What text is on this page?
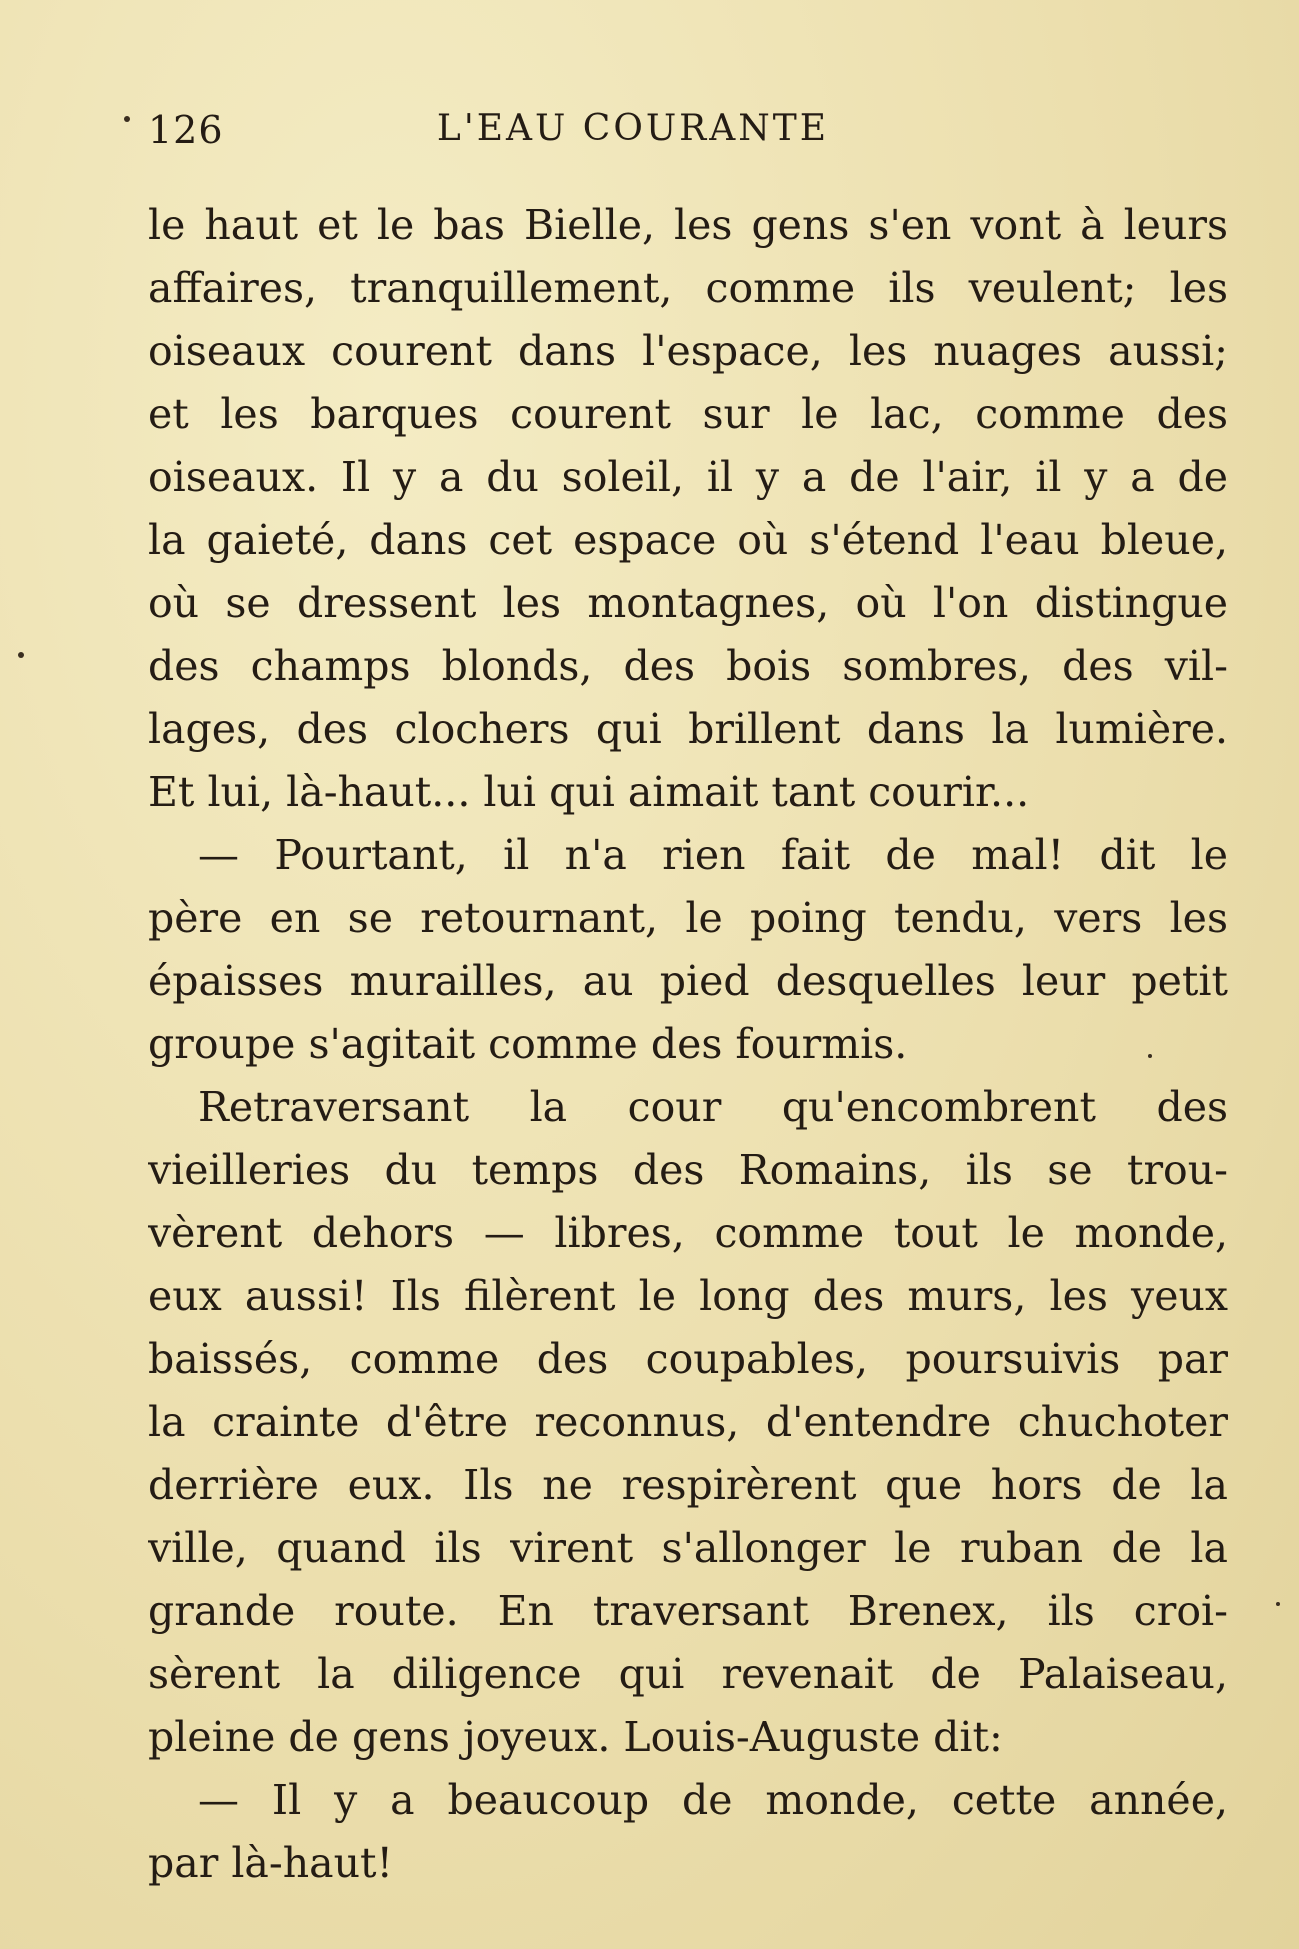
126	L'EAU COURANTE
le haut et le bas Bielle, les gens s'en vont à leurs
affaires, tranquillement, comme ils veulent; les
oiseaux courent dans l'espace, les nuages aussi;
et les barques courent sur le lac, comme des
oiseaux. Il y a du soleil, il y a de l'air, il y a de
la gaieté, dans cet espace où s'étend l'eau bleue,
où se dressent les montagnes, où l'on distingue
des champs blonds, des bois sombres, des vil-
lages, des clochers qui brillent dans la lumière.
Et lui, là-haut... lui qui aimait tant courir...
— Pourtant, il n'a rien fait de mal! dit le
père en se retournant, le poing tendu, vers les
épaisses murailles, au pied desquelles leur petit
groupe s'agitait comme des fourmis.
Retraversant la cour qu'encombrent des
vieilleries du temps des Romains, ils se trou-
vèrent dehors — libres, comme tout le monde,
eux aussi! Ils filèrent le long des murs, les yeux
baissés, comme des coupables, poursuivis par
la crainte d'être reconnus, d'entendre chuchoter
derrière eux. Ils ne respirèrent que hors de la
ville, quand ils virent s'allonger le ruban de la
grande route. En traversant Brenex, ils croi-
sèrent la diligence qui revenait de Palaiseau,
pleine de gens joyeux. Louis-Auguste dit:
— Il y a beaucoup de monde, cette année,
par là-haut!
